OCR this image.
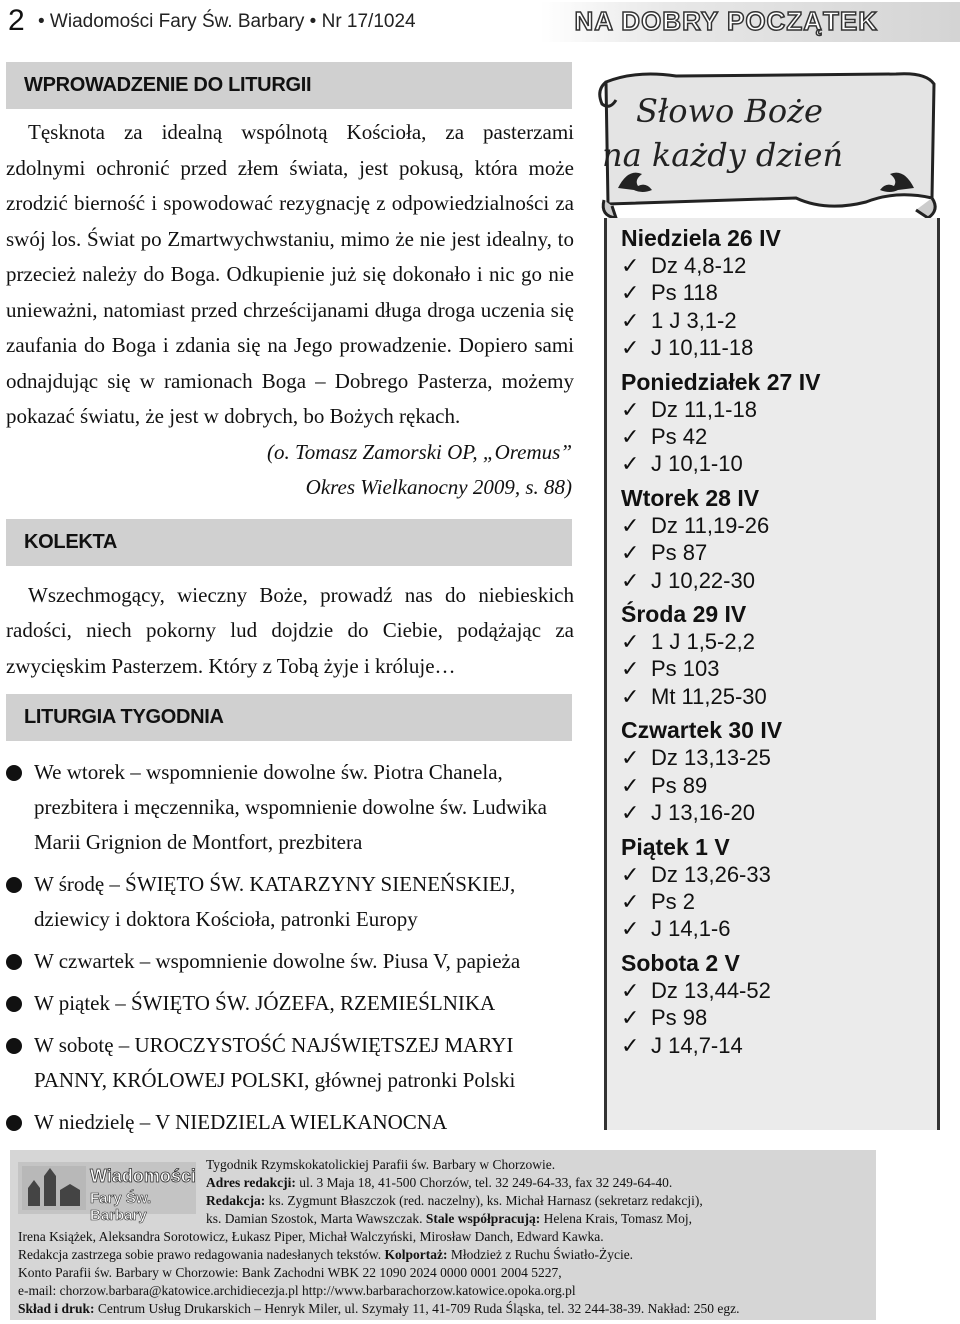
2 • Wiadomości Fary Św. Barbary • Nr 17/1024	NA DOBRY POCZĄTEK
WPROWADZENIE DO LITURGII

Tęsknota za idealną wspólnotą Kościoła, za pasterzami zdolnymi ochronić przed złem świata, jest pokusą, która może zrodzić bierność i spowodować rezygnację z odpowiedzialności za swój los. Świat po Zmartwychwstaniu, mimo że nie jest idealny, to przecież należy do Boga. Odkupienie już się dokonało i nic go nie unieważni, natomiast przed chrześcijanami długa droga uczenia się zaufania do Boga i zdania się na Jego prowadzenie. Dopiero sami odnajdując się w ramionach Boga – Dobrego Pasterza, możemy pokazać światu, że jest w dobrych, bo Bożych rękach.

(o. Tomasz Zamorski OP, „Oremus”
Okres Wielkanocny 2009, s. 88)
KOLEKTA

Wszechmogący, wieczny Boże, prowadź nas do niebieskich radości, niech pokorny lud dojdzie do Ciebie, podążając za zwycięskim Pasterzem. Który z Tobą żyje i króluje…

LITURGIA TYGODNIA
We wtorek – wspomnienie dowolne św. Piotra Chanela, prezbitera i męczennika, wspomnienie dowolne św. Ludwika Marii Grignion de Montfort, prezbitera
W środę – ŚWIĘTO ŚW. KATARZYNY SIENEŃSKIEJ, dziewicy i doktora Kościoła, patronki Europy
W czwartek – wspomnienie dowolne św. Piusa V, papieża
W piątek – ŚWIĘTO ŚW. JÓZEFA, RZEMIEŚLNIKA
W sobotę – UROCZYSTOŚĆ NAJŚWIĘTSZEJ MARYI PANNY, KRÓLOWEJ POLSKI, głównej patronki Polski
W niedzielę – V NIEDZIELA WIELKANOCNA
Słowo Boże
na każdy dzień
Niedziela 26 IV
✓ Dz 4,8-12
✓ Ps 118
✓ 1 J 3,1-2
✓ J 10,11-18
Poniedziałek 27 IV
✓ Dz 11,1-18
✓ Ps 42
✓ J 10,1-10
Wtorek 28 IV
✓ Dz 11,19-26
✓ Ps 87
✓ J 10,22-30
Środa 29 IV
✓ 1 J 1,5-2,2
✓ Ps 103
✓ Mt 11,25-30
Czwartek 30 IV
✓ Dz 13,13-25
✓ Ps 89
✓ J 13,16-20
Piątek 1 V
✓ Dz 13,26-33
✓ Ps 2
✓ J 14,1-6
Sobota 2 V
✓ Dz 13,44-52
✓ Ps 98
✓ J 14,7-14
Wiadomości
Fary Św. Barbary
Tygodnik Rzymskokatolickiej Parafii św. Barbary w Chorzowie.
Adres redakcji: ul. 3 Maja 18, 41-500 Chorzów, tel. 32 249-64-33, fax 32 249-64-40.
Redakcja: ks. Zygmunt Błaszczok (red. naczelny), ks. Michał Harnasz (sekretarz redakcji),
ks. Damian Szostok, Marta Wawszczak. Stale współpracują: Helena Krais, Tomasz Moj,
Irena Książek, Aleksandra Sorotowicz, Łukasz Piper, Michał Walczyński, Mirosław Danch, Edward Kawka.
Redakcja zastrzega sobie prawo redagowania nadesłanych tekstów. Kolportaż: Młodzież z Ruchu Światło-Życie.
Konto Parafii św. Barbary w Chorzowie: Bank Zachodni WBK 22 1090 2024 0000 0001 2004 5227,
e-mail: chorzow.barbara@katowice.archidiecezja.pl http://www.barbarachorzow.katowice.opoka.org.pl
Skład i druk: Centrum Usług Drukarskich – Henryk Miler, ul. Szymały 11, 41-709 Ruda Śląska, tel. 32 244-38-39. Nakład: 250 egz.
